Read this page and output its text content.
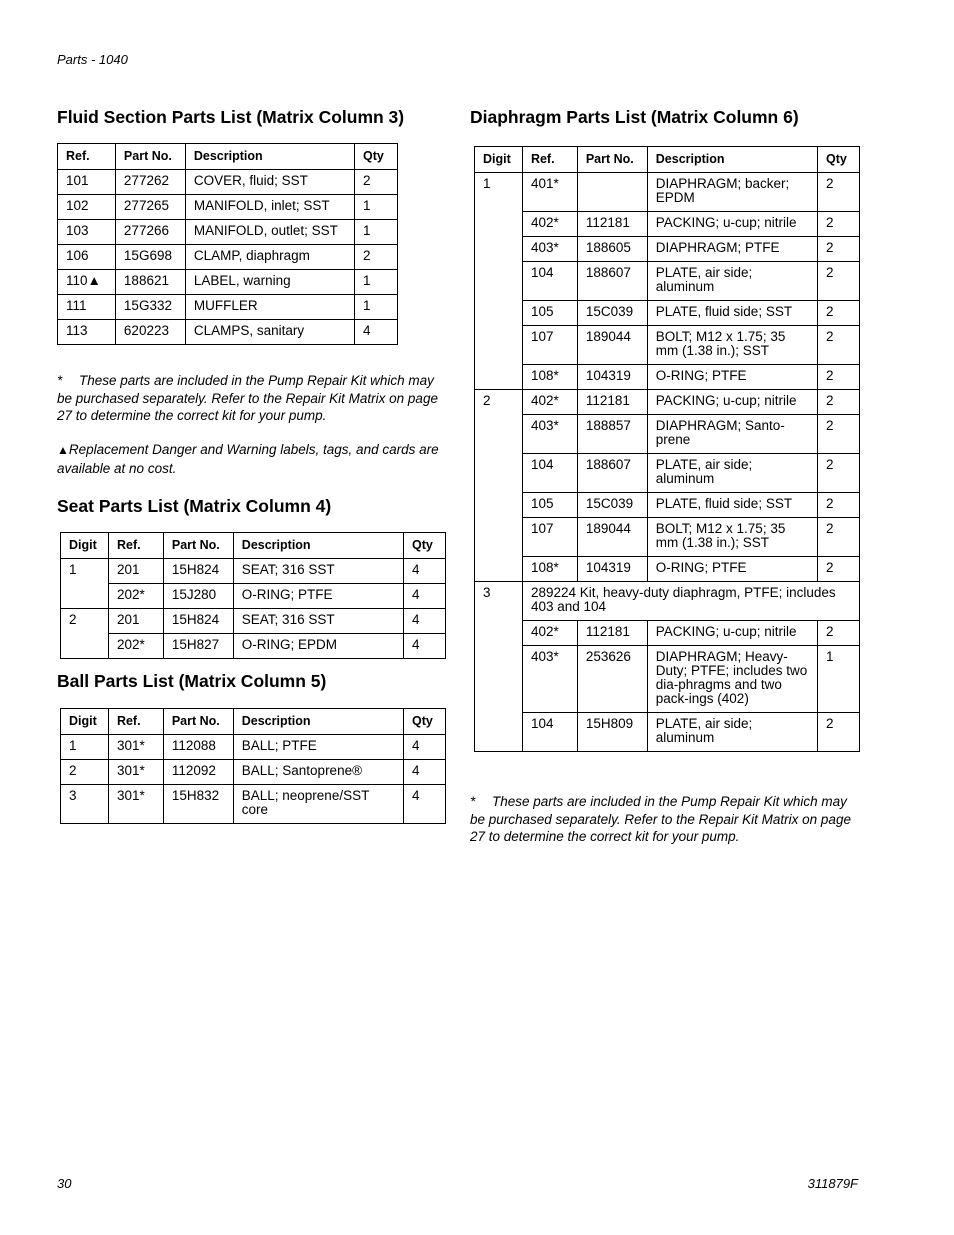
Parts - 1040
Fluid Section Parts List (Matrix Column 3)
Ref.	Part No.	Description	Qty
101	277262	COVER, fluid; SST	2
102	277265	MANIFOLD, inlet; SST	1
103	277266	MANIFOLD, outlet; SST	1
106	15G698	CLAMP, diaphragm	2
110▲	188621	LABEL, warning	1
111	15G332	MUFFLER	1
113	620223	CLAMPS, sanitary	4

* These parts are included in the Pump Repair Kit which may be purchased separately. Refer to the Repair Kit Matrix on page 27 to determine the correct kit for your pump.

▲Replacement Danger and Warning labels, tags, and cards are available at no cost.

Seat Parts List (Matrix Column 4)
Digit	Ref.	Part No.	Description	Qty
1	201	15H824	SEAT; 316 SST	4
	202*	15J280	O-RING; PTFE	4
2	201	15H824	SEAT; 316 SST	4
	202*	15H827	O-RING; EPDM	4
Ball Parts List (Matrix Column 5)
Digit	Ref.	Part No.	Description	Qty
1	301*	112088	BALL; PTFE	4
2	301*	112092	BALL; Santoprene®	4
3	301*	15H832	BALL; neoprene/SST core	4
Diaphragm Parts List (Matrix Column 6)
Digit	Ref.	Part No.	Description	Qty
1	401*		DIAPHRAGM; backer; EPDM	2
	402*	112181	PACKING; u-cup; nitrile	2
	403*	188605	DIAPHRAGM; PTFE	2
	104	188607	PLATE, air side; aluminum	2
	105	15C039	PLATE, fluid side; SST	2
	107	189044	BOLT; M12 x 1.75; 35 mm (1.38 in.); SST	2
	108*	104319	O-RING; PTFE	2
2	402*	112181	PACKING; u-cup; nitrile	2
	403*	188857	DIAPHRAGM; Santo-prene	2
	104	188607	PLATE, air side; aluminum	2
	105	15C039	PLATE, fluid side; SST	2
	107	189044	BOLT; M12 x 1.75; 35 mm (1.38 in.); SST	2
	108*	104319	O-RING; PTFE	2
3	289224 Kit, heavy-duty diaphragm, PTFE; includes 403 and 104			
	402*	112181	PACKING; u-cup; nitrile	2
	403*	253626	DIAPHRAGM; Heavy-Duty; PTFE; includes two dia-phragms and two pack-ings (402)	1
	104	15H809	PLATE, air side; aluminum	2

* These parts are included in the Pump Repair Kit which may be purchased separately. Refer to the Repair Kit Matrix on page 27 to determine the correct kit for your pump.

30	311879F
